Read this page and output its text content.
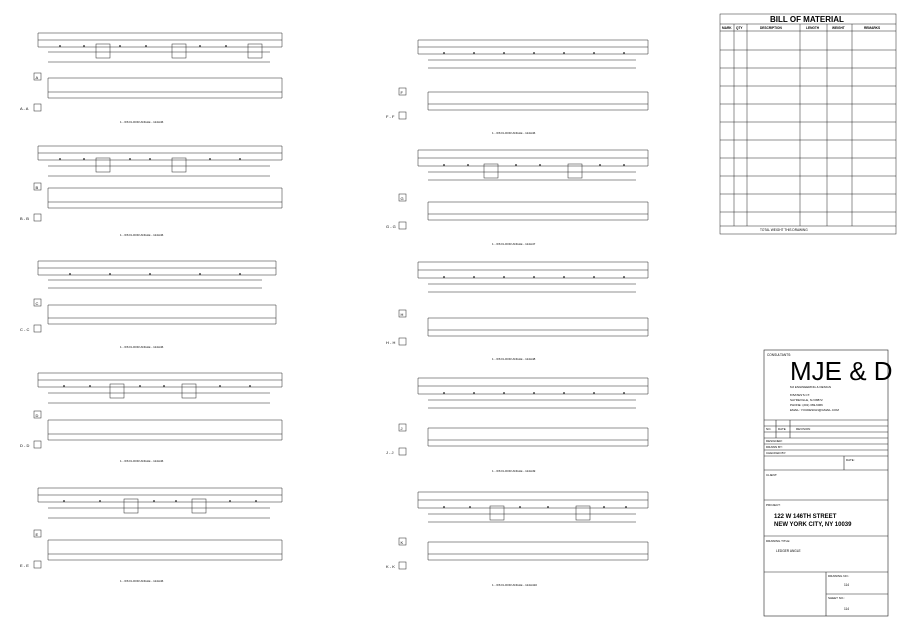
A
B
C
D
E
F
G
H
J
K
A - A
B - B
C - C
D - D
E - E
F - F
G - G
H - H
J - J
K - K
1 - 6/6 FLOOR ANGLE - 114A46
1 - 6/6 FLOOR ANGLE - 114A46
1 - 6/6 FLOOR ANGLE - 114A46
1 - 6/6 FLOOR ANGLE - 114A46
1 - 6/6 FLOOR ANGLE - 114A46
1 - 6/6 FLOOR ANGLE - 114A46
1 - 6/6 FLOOR ANGLE - 114A47
1 - 6/6 FLOOR ANGLE - 114A48
1 - 6/6 FLOOR ANGLE - 114A49
1 - 6/6 FLOOR ANGLE - 114A410
BILL OF MATERIAL
MARK QTY	DESCRIPTION	LENGTH	WEIGHT	REMARKS
TOTAL WEIGHT THIS DRAWING
CONSULTANTS:
MJE & D
MJ ENGINEERING & DESIGN
8 BATES'S CT.
SAYREVILLE, NJ 08872
PHONE: (201) 369-6066
EMAIL: YOUDESIGN@GMAIL.COM
NO. DATE	REVISION
DESIGNER:
DRAWN BY:
CHECKED BY:
DATE:
CLIENT:
PROJECT:
122 W 146TH STREET
NEW YORK CITY, NY 10039
DRAWING TITLE:
LEDGER ANGLE
DRAWING NO.:
114
SHEET NO.:
114
